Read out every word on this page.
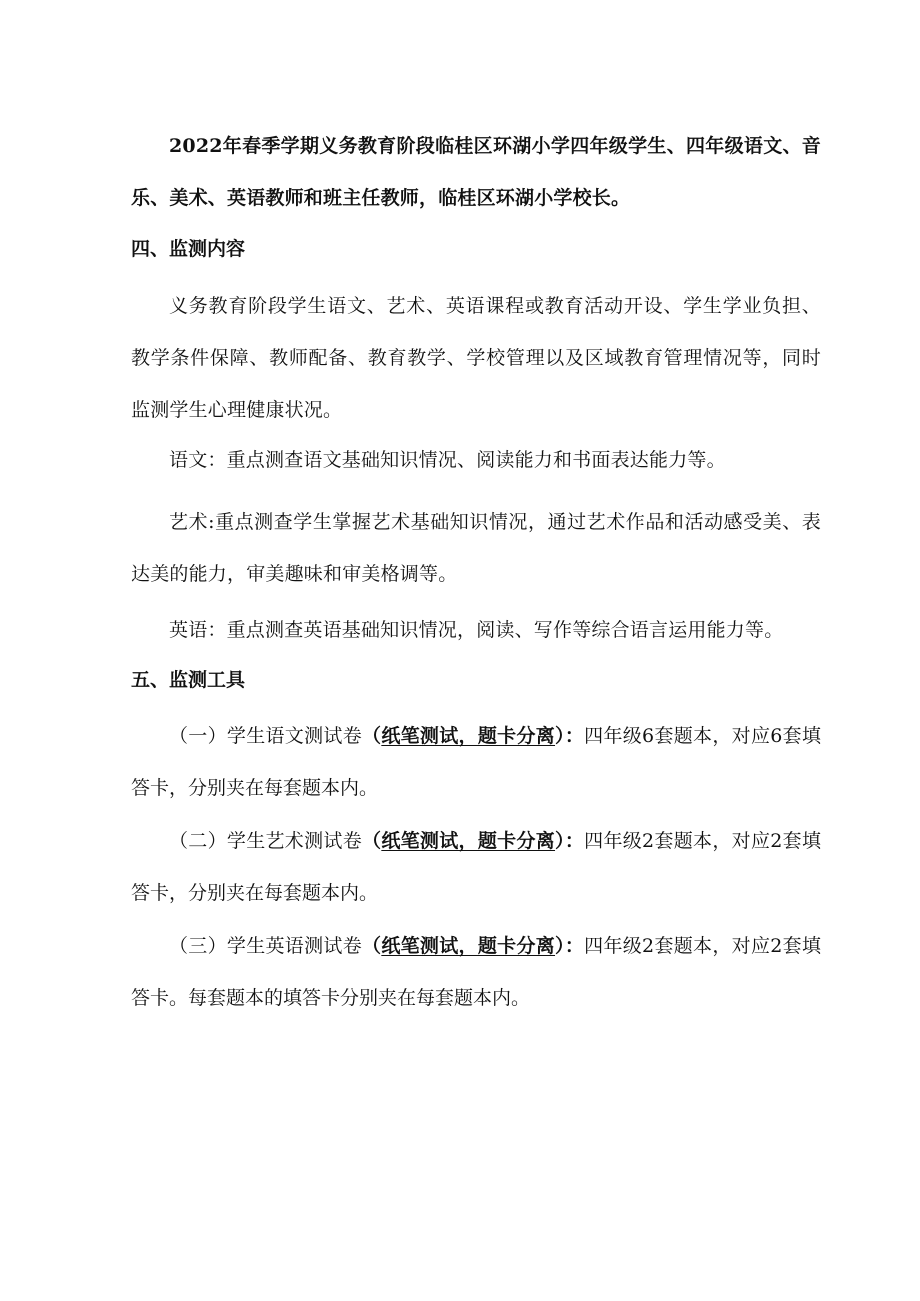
2022年春季学期义务教育阶段临桂区环湖小学四年级学生、四年级语文、音乐、美术、英语教师和班主任教师，临桂区环湖小学校长。

四、监测内容

义务教育阶段学生语文、艺术、英语课程或教育活动开设、学生学业负担、教学条件保障、教师配备、教育教学、学校管理以及区域教育管理情况等，同时监测学生心理健康状况。

语文：重点测查语文基础知识情况、阅读能力和书面表达能力等。

艺术:重点测查学生掌握艺术基础知识情况，通过艺术作品和活动感受美、表达美的能力，审美趣味和审美格调等。

英语：重点测查英语基础知识情况，阅读、写作等综合语言运用能力等。

五、监测工具

（一）学生语文测试卷（纸笔测试，题卡分离）：四年级6套题本，对应6套填答卡，分别夹在每套题本内。

（二）学生艺术测试卷（纸笔测试，题卡分离）：四年级2套题本，对应2套填答卡，分别夹在每套题本内。

（三）学生英语测试卷（纸笔测试，题卡分离）：四年级2套题本，对应2套填答卡。每套题本的填答卡分别夹在每套题本内。
